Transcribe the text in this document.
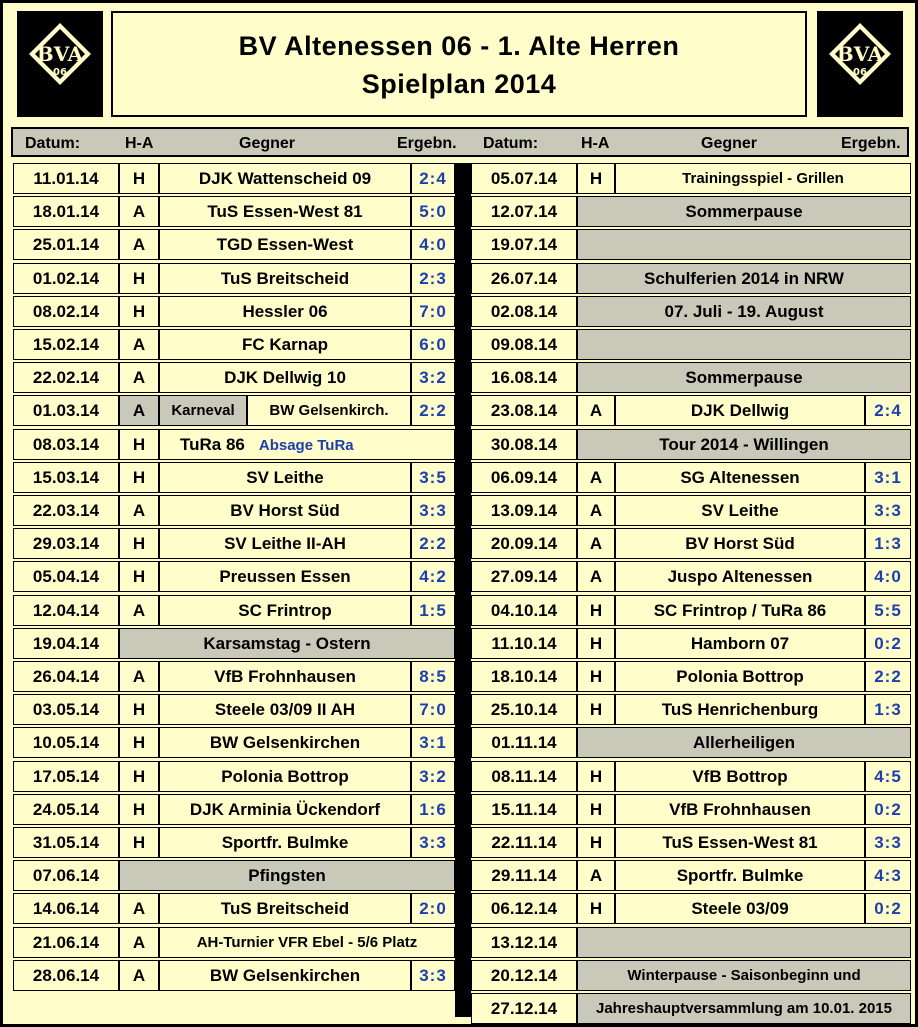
BVA
06
BV Altenessen 06 - 1. Alte Herren
Spielplan 2014
BVA
06
Datum:	H-A	Gegner	Ergebn. Datum:	H-A	Gegner	Ergebn.
11.01.14	H	DJK Wattenscheid 09	2:4
18.01.14	A	TuS Essen-West 81	5:0
25.01.14	A	TGD Essen-West	4:0
01.02.14	H	TuS Breitscheid	2:3
08.02.14	H	Hessler 06	7:0
15.02.14	A	FC Karnap	6:0
22.02.14	A	DJK Dellwig 10	3:2
01.03.14	A	Karneval	BW Gelsenkirch.	2:2
08.03.14	H	TuRa 86 Absage TuRa
15.03.14	H	SV Leithe	3:5
22.03.14	A	BV Horst Süd	3:3
29.03.14	H	SV Leithe II-AH	2:2
05.04.14	H	Preussen Essen	4:2
12.04.14	A	SC Frintrop	1:5
19.04.14	Karsamstag - Ostern
26.04.14	A	VfB Frohnhausen	8:5
03.05.14	H	Steele 03/09 II AH	7:0
10.05.14	H	BW Gelsenkirchen	3:1
17.05.14	H	Polonia Bottrop	3:2
24.05.14	H	DJK Arminia Ückendorf	1:6
31.05.14	H	Sportfr. Bulmke	3:3
07.06.14	Pfingsten
14.06.14	A	TuS Breitscheid	2:0
21.06.14	A	AH-Turnier VFR Ebel - 5/6 Platz
28.06.14	A	BW Gelsenkirchen	3:3
05.07.14	H	Trainingsspiel - Grillen
12.07.14	Sommerpause
19.07.14
26.07.14	Schulferien 2014 in NRW
02.08.14	07. Juli - 19. August
09.08.14
16.08.14	Sommerpause
23.08.14	A	DJK Dellwig	2:4
30.08.14	Tour 2014 - Willingen
06.09.14	A	SG Altenessen	3:1
13.09.14	A	SV Leithe	3:3
20.09.14	A	BV Horst Süd	1:3
27.09.14	A	Juspo Altenessen	4:0
04.10.14	H	SC Frintrop / TuRa 86	5:5
11.10.14	H	Hamborn 07	0:2
18.10.14	H	Polonia Bottrop	2:2
25.10.14	H	TuS Henrichenburg	1:3
01.11.14	Allerheiligen
08.11.14	H	VfB Bottrop	4:5
15.11.14	H	VfB Frohnhausen	0:2
22.11.14	H	TuS Essen-West 81	3:3
29.11.14	A	Sportfr. Bulmke	4:3
06.12.14	H	Steele 03/09	0:2
13.12.14
20.12.14	Winterpause - Saisonbeginn und
27.12.14	Jahreshauptversammlung am 10.01. 2015
